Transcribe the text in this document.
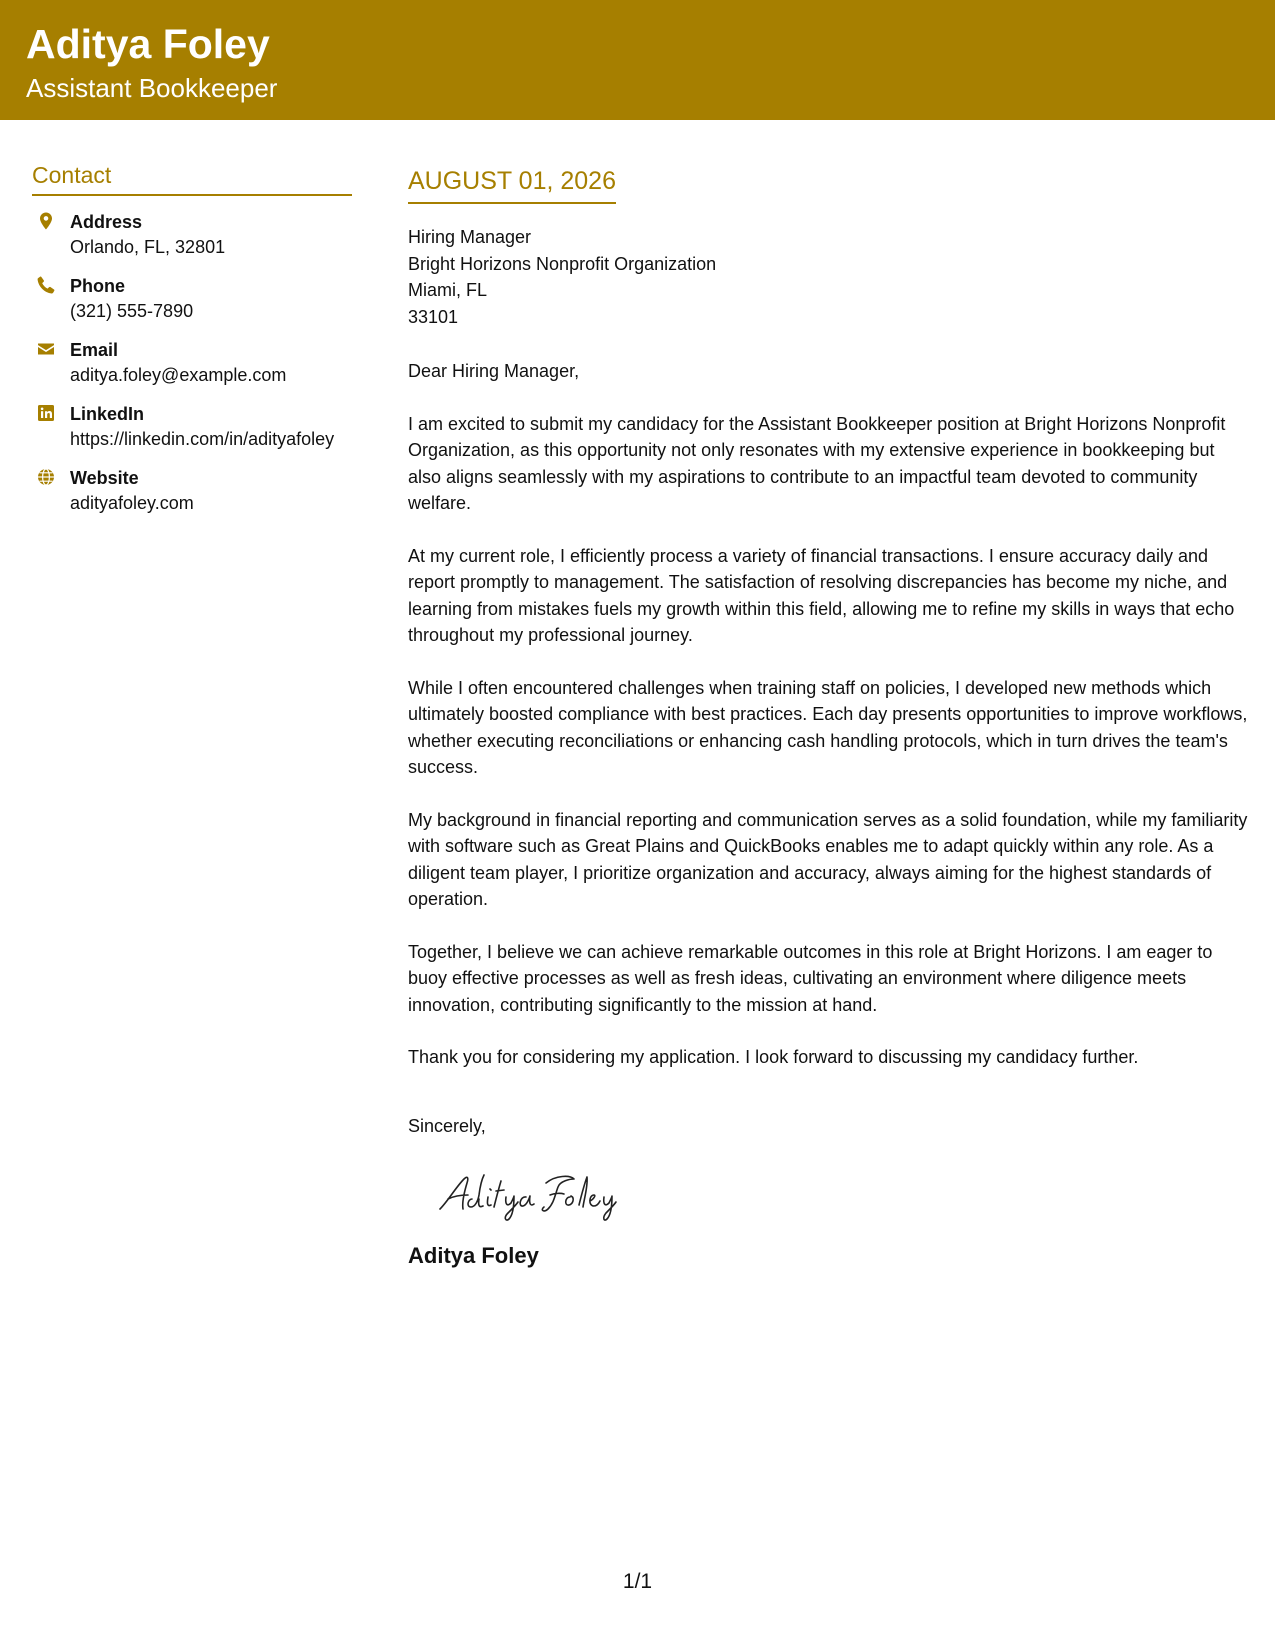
Aditya Foley
Assistant Bookkeeper
Contact
Address
Orlando, FL, 32801
Phone
(321) 555-7890
Email
aditya.foley@example.com
LinkedIn
https://linkedin.com/in/adityafoley
Website
adityafoley.com
AUGUST 01, 2026
Hiring Manager
Bright Horizons Nonprofit Organization
Miami, FL
33101
Dear Hiring Manager,
I am excited to submit my candidacy for the Assistant Bookkeeper position at Bright Horizons Nonprofit Organization, as this opportunity not only resonates with my extensive experience in bookkeeping but also aligns seamlessly with my aspirations to contribute to an impactful team devoted to community welfare.
At my current role, I efficiently process a variety of financial transactions. I ensure accuracy daily and report promptly to management. The satisfaction of resolving discrepancies has become my niche, and learning from mistakes fuels my growth within this field, allowing me to refine my skills in ways that echo throughout my professional journey.
While I often encountered challenges when training staff on policies, I developed new methods which ultimately boosted compliance with best practices. Each day presents opportunities to improve workflows, whether executing reconciliations or enhancing cash handling protocols, which in turn drives the team's success.
My background in financial reporting and communication serves as a solid foundation, while my familiarity with software such as Great Plains and QuickBooks enables me to adapt quickly within any role. As a diligent team player, I prioritize organization and accuracy, always aiming for the highest standards of operation.
Together, I believe we can achieve remarkable outcomes in this role at Bright Horizons. I am eager to buoy effective processes as well as fresh ideas, cultivating an environment where diligence meets innovation, contributing significantly to the mission at hand.
Thank you for considering my application. I look forward to discussing my candidacy further.
Sincerely,
Aditya Foley
1/1
